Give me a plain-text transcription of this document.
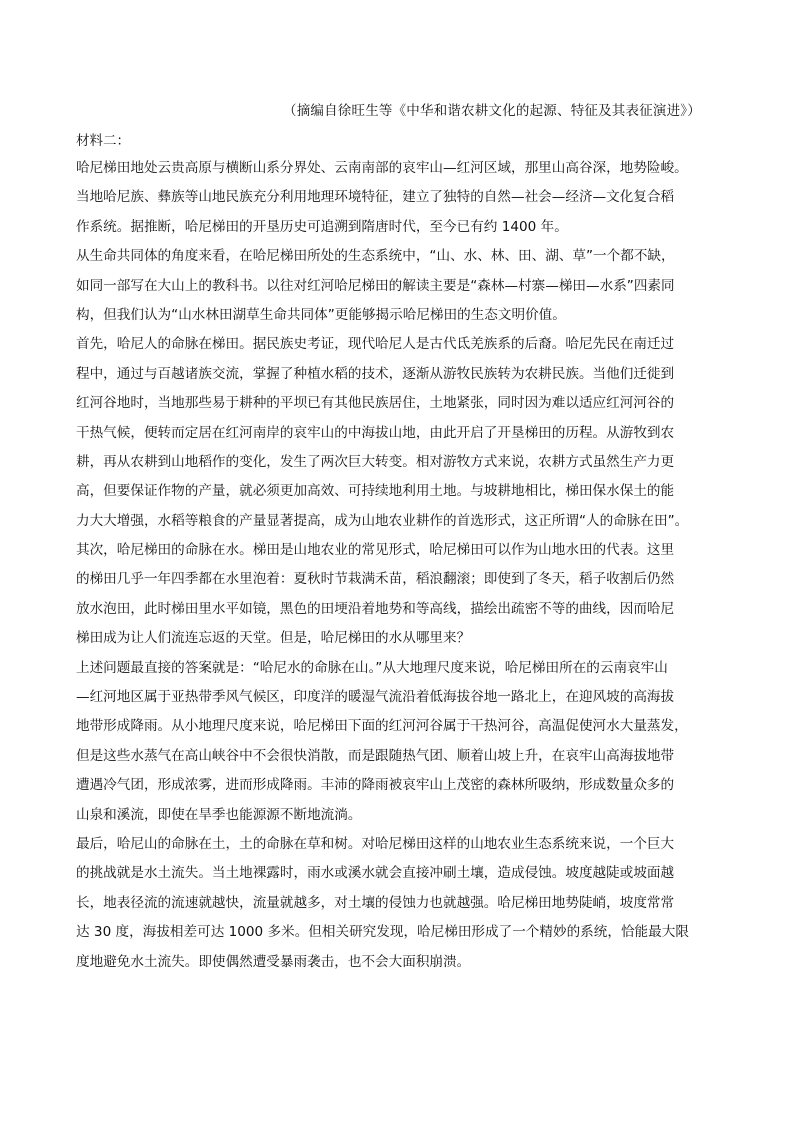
（摘编自徐旺生等《中华和谐农耕文化的起源、特征及其表征演进》）
材料二：
哈尼梯田地处云贵高原与横断山系分界处、云南南部的哀牢山—红河区域，那里山高谷深，地势险峻。
当地哈尼族、彝族等山地民族充分利用地理环境特征，建立了独特的自然—社会—经济—文化复合稻
作系统。据推断，哈尼梯田的开垦历史可追溯到隋唐时代，至今已有约 1400 年。
从生命共同体的角度来看，在哈尼梯田所处的生态系统中，“山、水、林、田、湖、草”一个都不缺，
如同一部写在大山上的教科书。以往对红河哈尼梯田的解读主要是“森林—村寨—梯田—水系”四素同
构，但我们认为“山水林田湖草生命共同体”更能够揭示哈尼梯田的生态文明价值。
首先，哈尼人的命脉在梯田。据民族史考证，现代哈尼人是古代氐羌族系的后裔。哈尼先民在南迁过
程中，通过与百越诸族交流，掌握了种植水稻的技术，逐渐从游牧民族转为农耕民族。当他们迁徙到
红河谷地时，当地那些易于耕种的平坝已有其他民族居住，土地紧张，同时因为难以适应红河河谷的
干热气候，便转而定居在红河南岸的哀牢山的中海拔山地，由此开启了开垦梯田的历程。从游牧到农
耕，再从农耕到山地稻作的变化，发生了两次巨大转变。相对游牧方式来说，农耕方式虽然生产力更
高，但要保证作物的产量，就必须更加高效、可持续地利用土地。与坡耕地相比，梯田保水保土的能
力大大增强，水稻等粮食的产量显著提高，成为山地农业耕作的首选形式，这正所谓“人的命脉在田”。
其次，哈尼梯田的命脉在水。梯田是山地农业的常见形式，哈尼梯田可以作为山地水田的代表。这里
的梯田几乎一年四季都在水里泡着：夏秋时节栽满禾苗，稻浪翻滚；即使到了冬天，稻子收割后仍然
放水泡田，此时梯田里水平如镜，黑色的田埂沿着地势和等高线，描绘出疏密不等的曲线，因而哈尼
梯田成为让人们流连忘返的天堂。但是，哈尼梯田的水从哪里来？
上述问题最直接的答案就是：“哈尼水的命脉在山。”从大地理尺度来说，哈尼梯田所在的云南哀牢山
—红河地区属于亚热带季风气候区，印度洋的暖湿气流沿着低海拔谷地一路北上，在迎风坡的高海拔
地带形成降雨。从小地理尺度来说，哈尼梯田下面的红河河谷属于干热河谷，高温促使河水大量蒸发，
但是这些水蒸气在高山峡谷中不会很快消散，而是跟随热气团、顺着山坡上升，在哀牢山高海拔地带
遭遇冷气团，形成浓雾，进而形成降雨。丰沛的降雨被哀牢山上茂密的森林所吸纳，形成数量众多的
山泉和溪流，即使在旱季也能源源不断地流淌。
最后，哈尼山的命脉在土，土的命脉在草和树。对哈尼梯田这样的山地农业生态系统来说，一个巨大
的挑战就是水土流失。当土地裸露时，雨水或溪水就会直接冲刷土壤，造成侵蚀。坡度越陡或坡面越
长，地表径流的流速就越快，流量就越多，对土壤的侵蚀力也就越强。哈尼梯田地势陡峭，坡度常常
达 30 度，海拔相差可达 1000 多米。但相关研究发现，哈尼梯田形成了一个精妙的系统，恰能最大限
度地避免水土流失。即使偶然遭受暴雨袭击，也不会大面积崩溃。
